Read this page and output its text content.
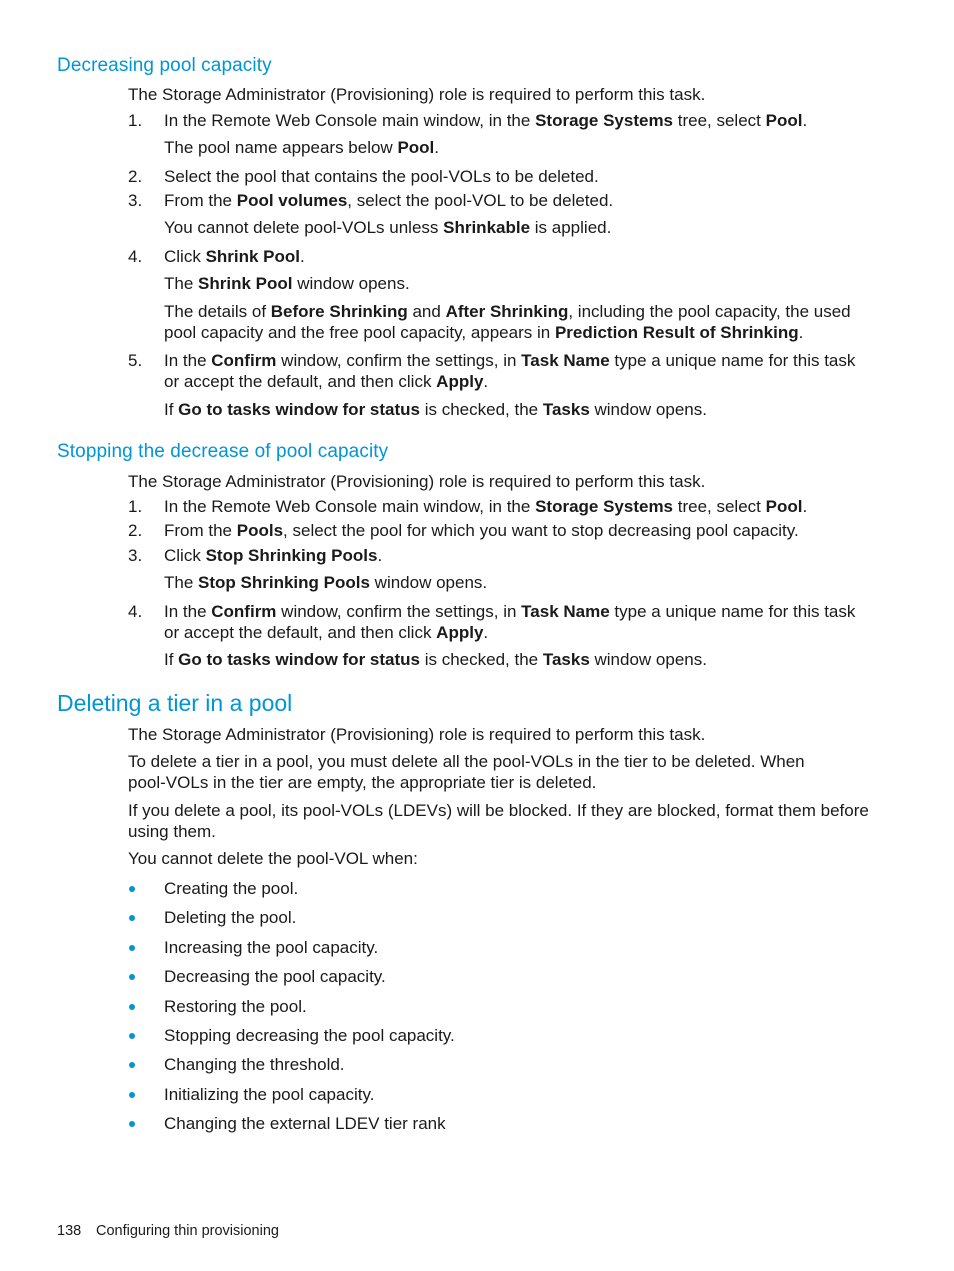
Decreasing pool capacity
The Storage Administrator (Provisioning) role is required to perform this task.
1.	In the Remote Web Console main window, in the Storage Systems tree, select Pool.
The pool name appears below Pool.
2.	Select the pool that contains the pool-VOLs to be deleted.
3.	From the Pool volumes, select the pool-VOL to be deleted.
You cannot delete pool-VOLs unless Shrinkable is applied.
4.	Click Shrink Pool.
The Shrink Pool window opens.
The details of Before Shrinking and After Shrinking, including the pool capacity, the used
pool capacity and the free pool capacity, appears in Prediction Result of Shrinking.
5.	In the Confirm window, confirm the settings, in Task Name type a unique name for this task
or accept the default, and then click Apply.
If Go to tasks window for status is checked, the Tasks window opens.
Stopping the decrease of pool capacity
The Storage Administrator (Provisioning) role is required to perform this task.
1.	In the Remote Web Console main window, in the Storage Systems tree, select Pool.
2.	From the Pools, select the pool for which you want to stop decreasing pool capacity.
3.	Click Stop Shrinking Pools.
The Stop Shrinking Pools window opens.
4.	In the Confirm window, confirm the settings, in Task Name type a unique name for this task
or accept the default, and then click Apply.
If Go to tasks window for status is checked, the Tasks window opens.
Deleting a tier in a pool
The Storage Administrator (Provisioning) role is required to perform this task.
To delete a tier in a pool, you must delete all the pool-VOLs in the tier to be deleted. When
pool-VOLs in the tier are empty, the appropriate tier is deleted.
If you delete a pool, its pool-VOLs (LDEVs) will be blocked. If they are blocked, format them before
using them.
You cannot delete the pool-VOL when:
Creating the pool.
Deleting the pool.
Increasing the pool capacity.
Decreasing the pool capacity.
Restoring the pool.
Stopping decreasing the pool capacity.
Changing the threshold.
Initializing the pool capacity.
Changing the external LDEV tier rank
138 Configuring thin provisioning
